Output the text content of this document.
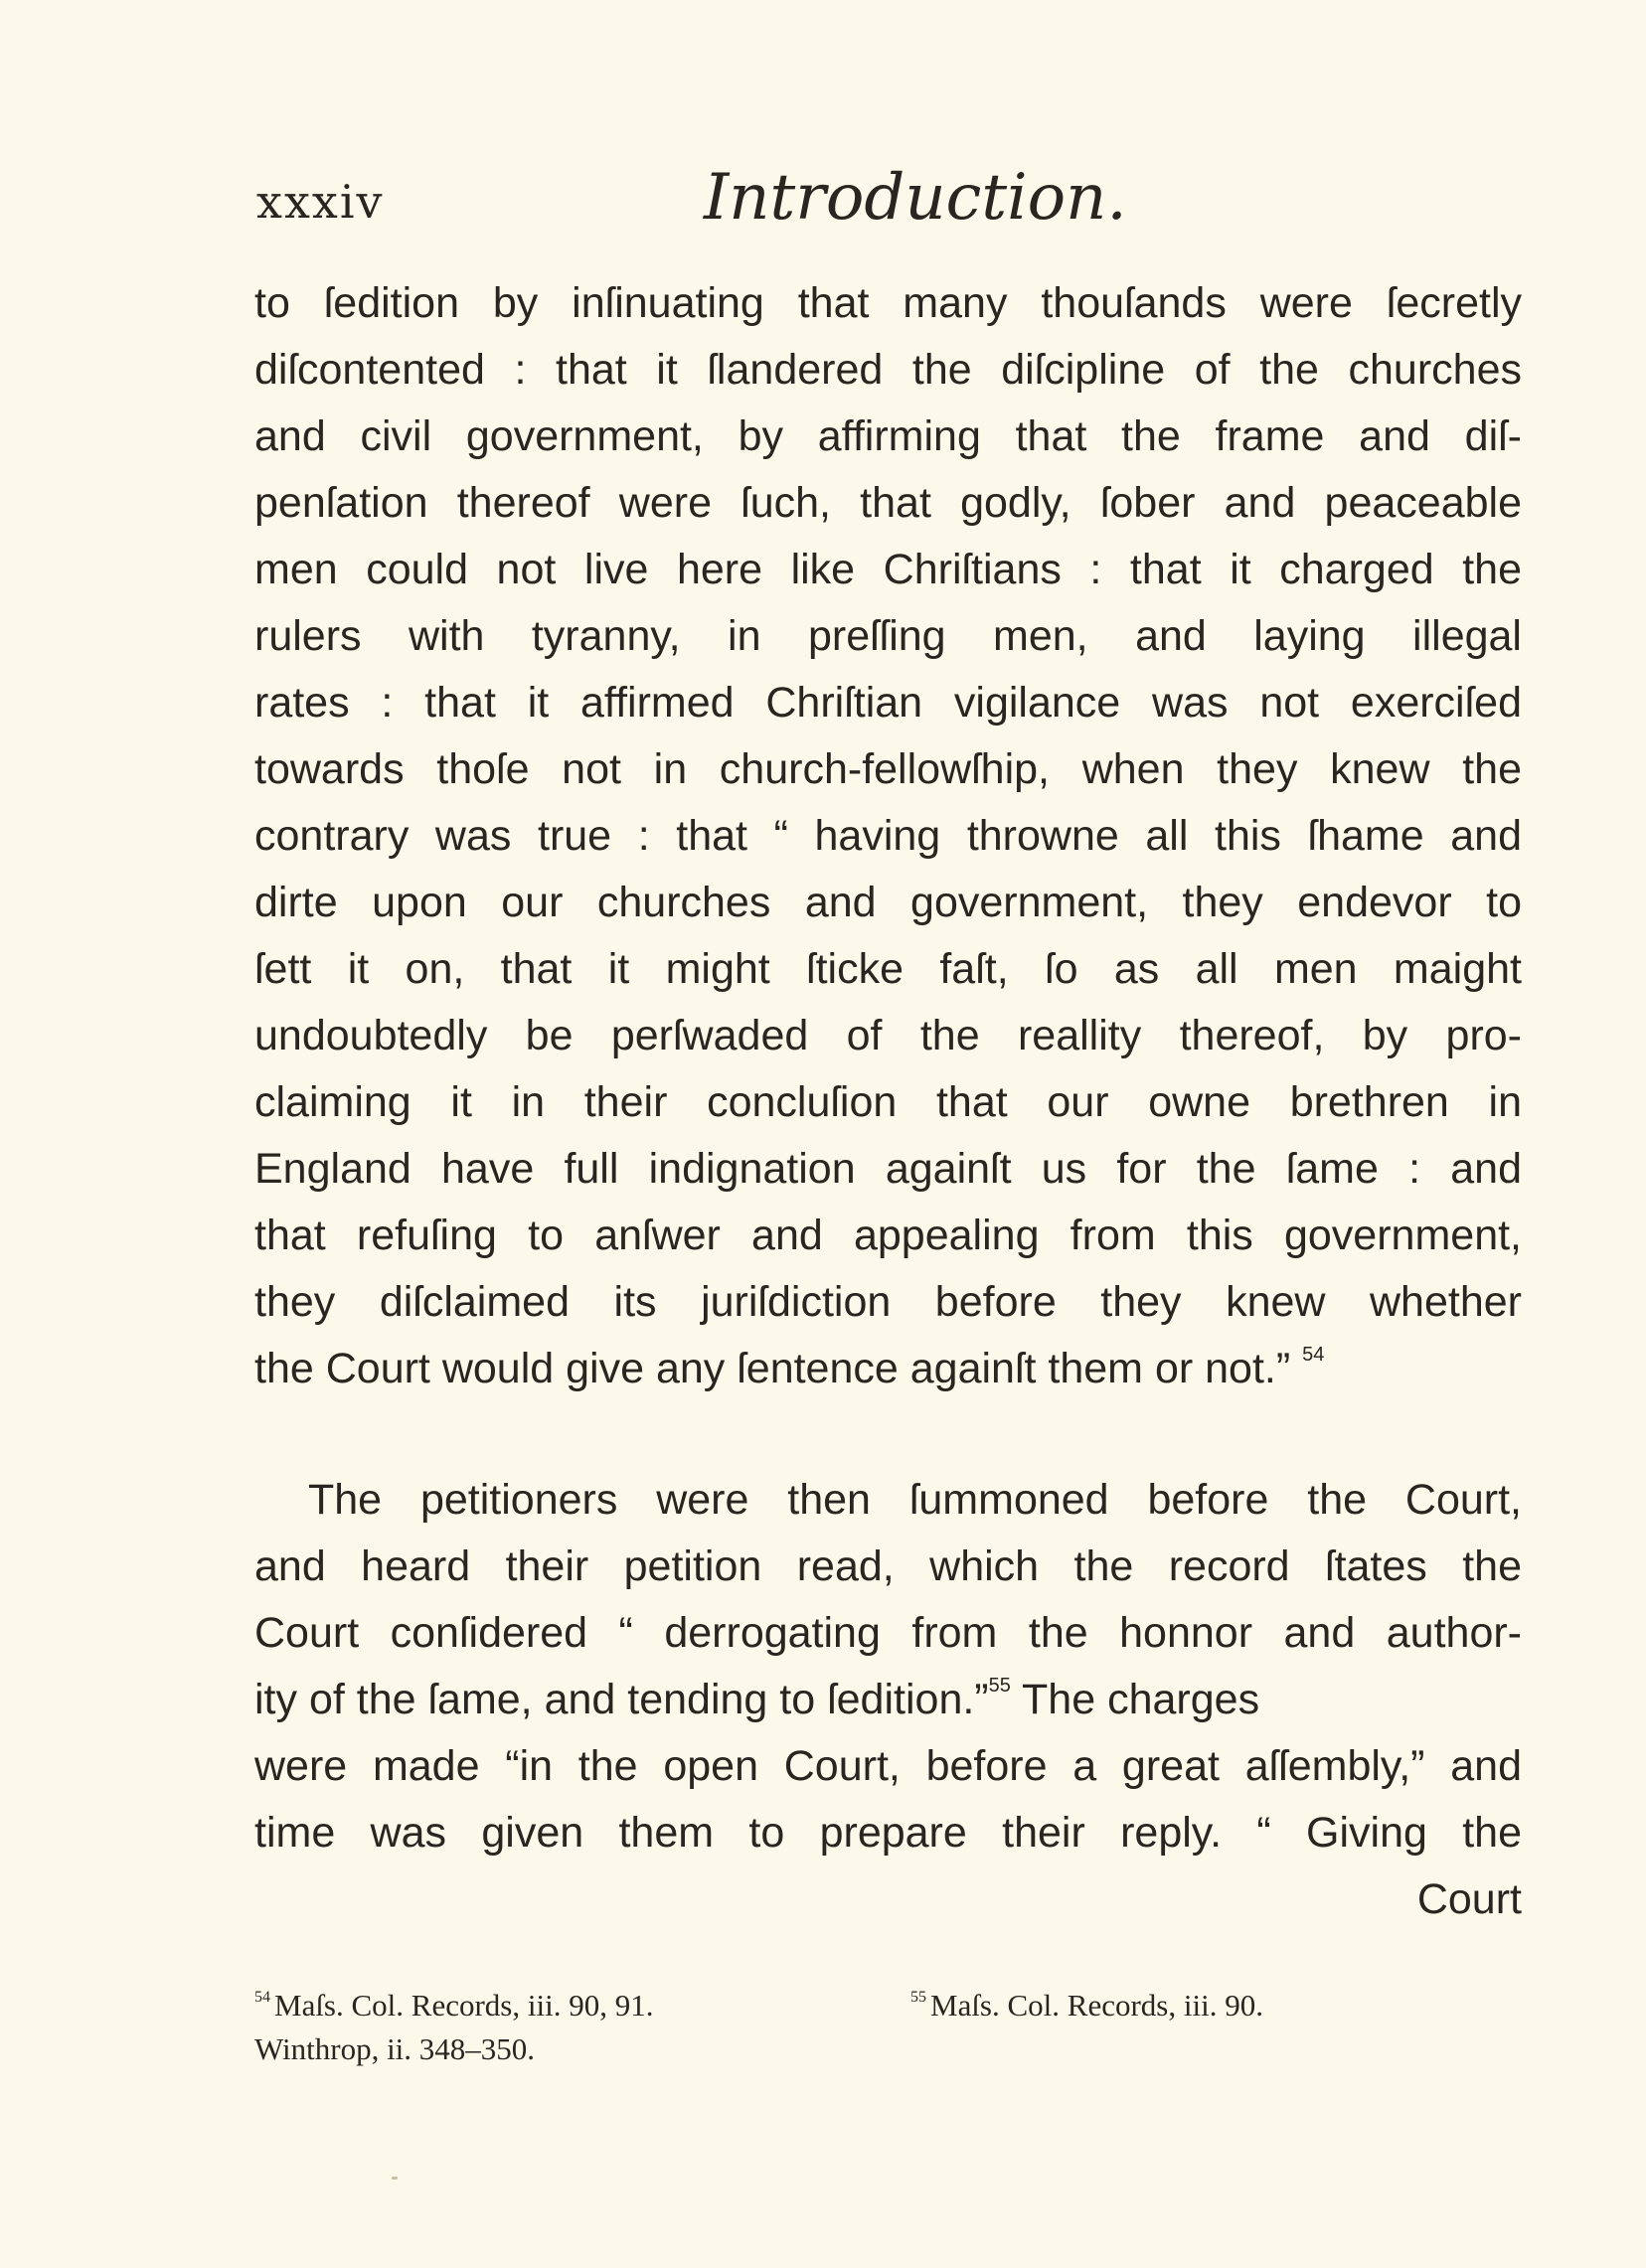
xxxiv	Introduction.
to ſedition by inſinuating that many thouſands were ſecretly
diſcontented : that it ſlandered the diſcipline of the churches
and civil government, by affirming that the frame and diſ-
penſation thereof were ſuch, that godly, ſober and peaceable
men could not live here like Chriſtians : that it charged the
rulers with tyranny, in preſſing men, and laying illegal
rates : that it affirmed Chriſtian vigilance was not exerciſed
towards thoſe not in church-fellowſhip, when they knew the
contrary was true : that “ having throwne all this ſhame and
dirte upon our churches and government, they endevor to
ſett it on, that it might ſticke faſt, ſo as all men maight
undoubtedly be perſwaded of the reallity thereof, by pro-
claiming it in their concluſion that our owne brethren in
England have full indignation againſt us for the ſame : and
that refuſing to anſwer and appealing from this government,
they diſclaimed its juriſdiction before they knew whether
the Court would give any ſentence againſt them or not.” $^{54}$
The petitioners were then ſummoned before the Court,
and heard their petition read, which the record ſtates the
Court conſidered “ derrogating from the honnor and author-
ity of the ſame, and tending to ſedition.”$^{55}$ The charges
were made “in the open Court, before a great aſſembly,” and
time was given them to prepare their reply. “ Giving the
Court
$^{54}$ Maſs. Col. Records, iii. 90, 91.	$^{55}$ Maſs. Col. Records, iii. 90.
Winthrop, ii. 348–350.
